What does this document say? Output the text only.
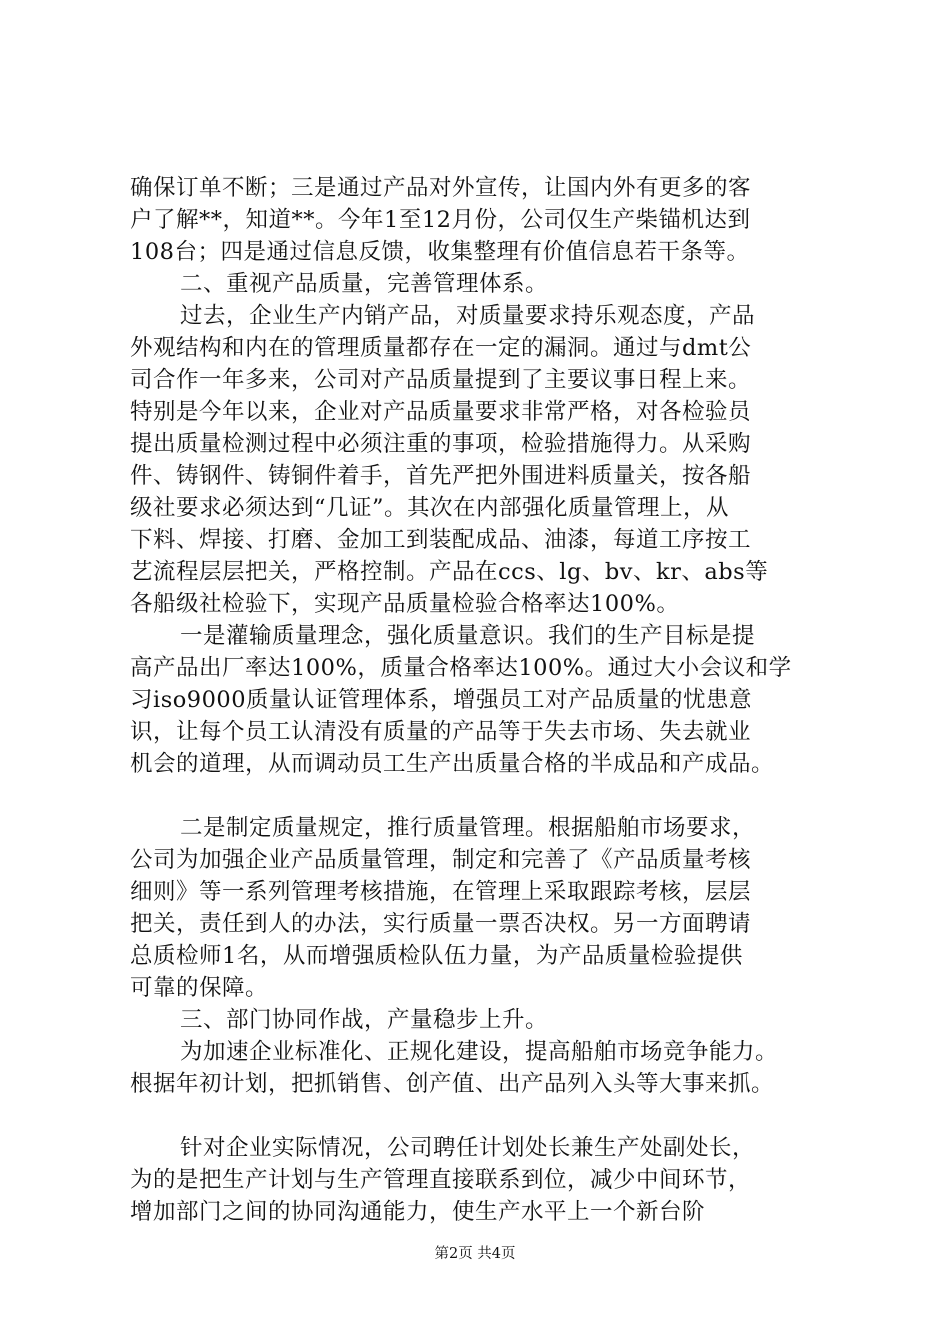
确保订单不断；三是通过产品对外宣传，让国内外有更多的客
户了解**，知道**。今年1至12月份，公司仅生产柴锚机达到
108台；四是通过信息反馈，收集整理有价值信息若干条等。
二、重视产品质量，完善管理体系。
过去，企业生产内销产品，对质量要求持乐观态度，产品
外观结构和内在的管理质量都存在一定的漏洞。通过与dmt公
司合作一年多来，公司对产品质量提到了主要议事日程上来。
特别是今年以来，企业对产品质量要求非常严格，对各检验员
提出质量检测过程中必须注重的事项，检验措施得力。从采购
件、铸钢件、铸铜件着手，首先严把外围进料质量关，按各船
级社要求必须达到“几证”。其次在内部强化质量管理上，从
下料、焊接、打磨、金加工到装配成品、油漆，每道工序按工
艺流程层层把关，严格控制。产品在ccs、lg、bv、kr、abs等
各船级社检验下，实现产品质量检验合格率达100%。
一是灌输质量理念，强化质量意识。我们的生产目标是提
高产品出厂率达100%，质量合格率达100%。通过大小会议和学
习iso9000质量认证管理体系，增强员工对产品质量的忧患意
识，让每个员工认清没有质量的产品等于失去市场、失去就业
机会的道理，从而调动员工生产出质量合格的半成品和产成品。
二是制定质量规定，推行质量管理。根据船舶市场要求，
公司为加强企业产品质量管理，制定和完善了《产品质量考核
细则》等一系列管理考核措施，在管理上采取跟踪考核，层层
把关，责任到人的办法，实行质量一票否决权。另一方面聘请
总质检师1名，从而增强质检队伍力量，为产品质量检验提供
可靠的保障。
三、部门协同作战，产量稳步上升。
为加速企业标准化、正规化建设，提高船舶市场竞争能力。
根据年初计划，把抓销售、创产值、出产品列入头等大事来抓。
针对企业实际情况，公司聘任计划处长兼生产处副处长，
为的是把生产计划与生产管理直接联系到位，减少中间环节，
增加部门之间的协同沟通能力，使生产水平上一个新台阶
第2页 共4页
